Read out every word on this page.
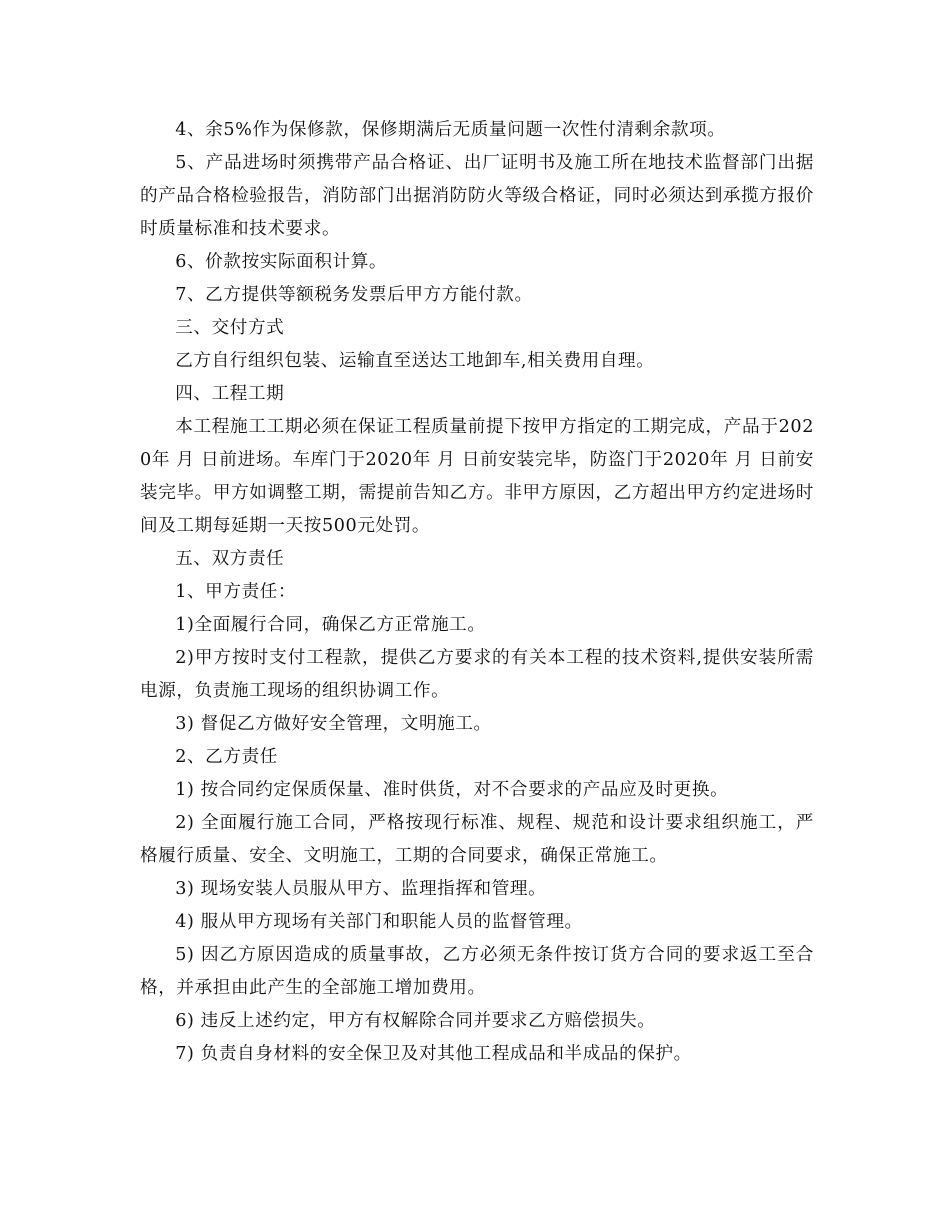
4、余5%作为保修款，保修期满后无质量问题一次性付清剩余款项。

5、产品进场时须携带产品合格证、出厂证明书及施工所在地技术监督部门出据的产品合格检验报告，消防部门出据消防防火等级合格证，同时必须达到承揽方报价时质量标准和技术要求。

6、价款按实际面积计算。

7、乙方提供等额税务发票后甲方方能付款。

三、交付方式

乙方自行组织包装、运输直至送达工地卸车,相关费用自理。

四、工程工期

本工程施工工期必须在保证工程质量前提下按甲方指定的工期完成，产品于2020年 月 日前进场。车库门于2020年 月 日前安装完毕，防盗门于2020年 月 日前安装完毕。甲方如调整工期，需提前告知乙方。非甲方原因，乙方超出甲方约定进场时间及工期每延期一天按500元处罚。

五、双方责任

1、甲方责任：

1)全面履行合同，确保乙方正常施工。

2)甲方按时支付工程款，提供乙方要求的有关本工程的技术资料,提供安装所需电源，负责施工现场的组织协调工作。

3) 督促乙方做好安全管理，文明施工。

2、乙方责任

1) 按合同约定保质保量、准时供货，对不合要求的产品应及时更换。

2) 全面履行施工合同，严格按现行标准、规程、规范和设计要求组织施工，严格履行质量、安全、文明施工，工期的合同要求，确保正常施工。

3) 现场安装人员服从甲方、监理指挥和管理。

4) 服从甲方现场有关部门和职能人员的监督管理。

5) 因乙方原因造成的质量事故，乙方必须无条件按订货方合同的要求返工至合格，并承担由此产生的全部施工增加费用。

6) 违反上述约定，甲方有权解除合同并要求乙方赔偿损失。

7) 负责自身材料的安全保卫及对其他工程成品和半成品的保护。
